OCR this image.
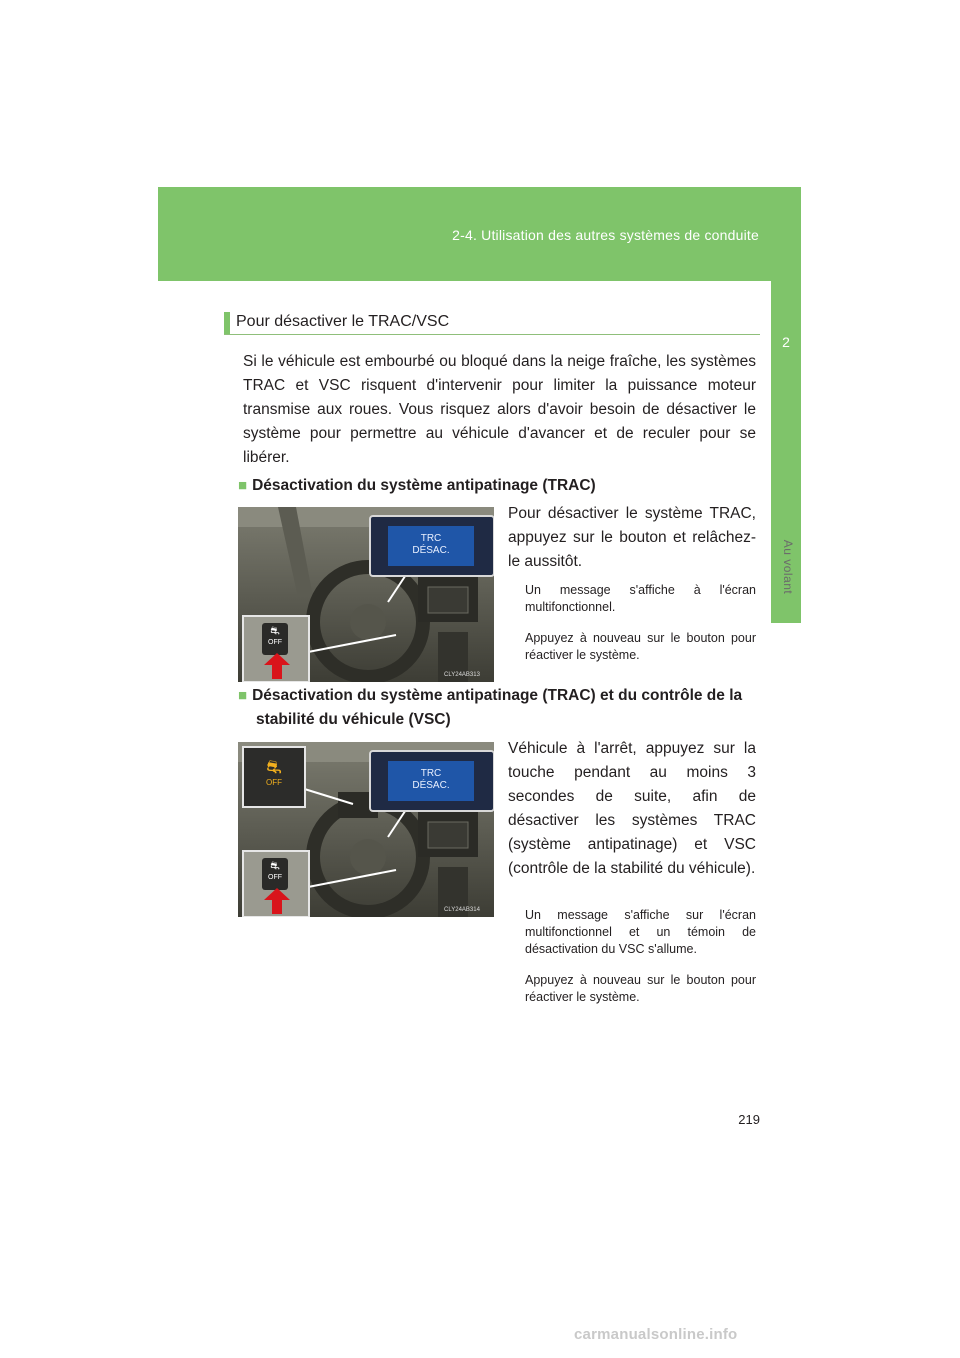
2-4. Utilisation des autres systèmes de conduite
2
Au volant
Pour désactiver le TRAC/VSC
Si le véhicule est embourbé ou bloqué dans la neige fraîche, les systèmes TRAC et VSC risquent d'intervenir pour limiter la puissance moteur transmise aux roues. Vous risquez alors d'avoir besoin de désactiver le système pour permettre au véhicule d'avancer et de reculer pour se libérer.
■ Désactivation du système antipatinage (TRAC)
TRC
DÉSAC.
⛐
OFF
CLY24AB313
Pour désactiver le système TRAC, appuyez sur le bouton et relâchez-le aussitôt.
Un message s'affiche à l'écran multifonctionnel.
Appuyez à nouveau sur le bouton pour réactiver le système.
■ Désactivation du système antipatinage (TRAC) et du contrôle de la
stabilité du véhicule (VSC)
⛐
OFF
TRC
DÉSAC.
⛐
OFF
CLY24AB314
Véhicule à l'arrêt, appuyez sur la touche pendant au moins 3 secondes de suite, afin de désactiver les systèmes TRAC (système antipatinage) et VSC (contrôle de la stabilité du véhicule).
Un message s'affiche sur l'écran multifonctionnel et un témoin de désactivation du VSC s'allume.
Appuyez à nouveau sur le bouton pour réactiver le système.
219
carmanualsonline.info
